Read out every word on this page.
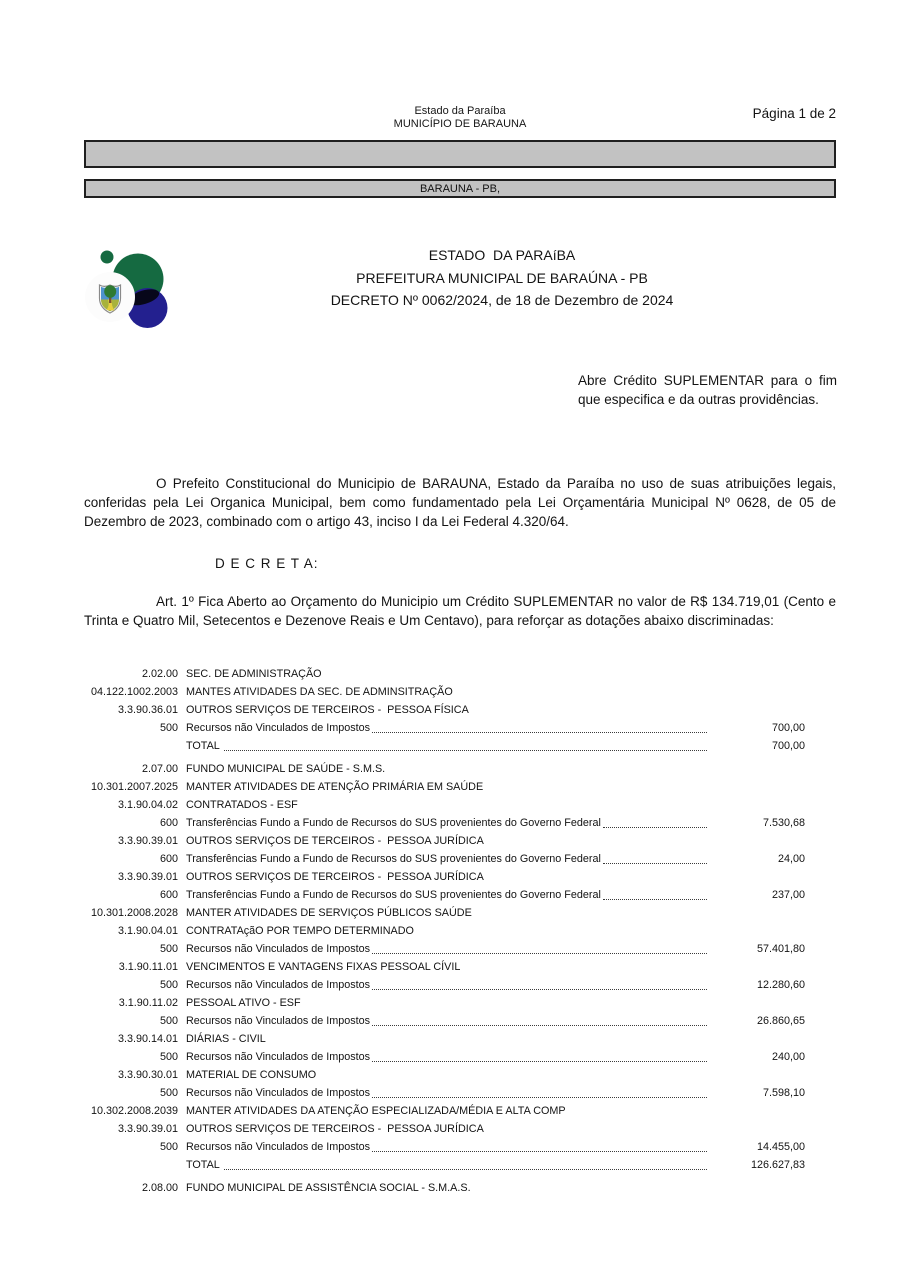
Estado da Paraíba
MUNICÍPIO DE BARAUNA
Página 1 de 2
BARAUNA - PB,
ESTADO  DA PARAíBA
PREFEITURA MUNICIPAL DE BARAÚNA - PB
DECRETO Nº 0062/2024, de 18 de Dezembro de 2024
Abre Crédito SUPLEMENTAR para o fim que especifica e da outras providências.

O Prefeito Constitucional do Municipio de BARAUNA, Estado da Paraíba no uso de suas atribuições legais, conferidas pela Lei Organica Municipal, bem como fundamentado pela Lei Orçamentária Municipal Nº 0628, de 05 de Dezembro de 2023, combinado com o artigo 43, inciso I da Lei Federal 4.320/64.

D E C R E T A:

Art. 1º Fica Aberto ao Orçamento do Municipio um Crédito SUPLEMENTAR no valor de R$ 134.719,01 (Cento e Trinta e Quatro Mil, Setecentos e Dezenove Reais e Um Centavo), para reforçar as dotações abaixo discriminadas:

2.02.00 SEC. DE ADMINISTRAÇÃO
04.122.1002.2003 MANTES ATIVIDADES DA SEC. DE ADMINSITRAÇÃO
3.3.90.36.01 OUTROS SERVIÇOS DE TERCEIROS -  PESSOA FÍSICA
500 Recursos não Vinculados de Impostos	700,00
TOTAL	700,00
2.07.00 FUNDO MUNICIPAL DE SAÚDE - S.M.S.
10.301.2007.2025 MANTER ATIVIDADES DE ATENÇÃO PRIMÁRIA EM SAÚDE
3.1.90.04.02 CONTRATADOS - ESF
600 Transferências Fundo a Fundo de Recursos do SUS provenientes do Governo Federal	7.530,68
3.3.90.39.01 OUTROS SERVIÇOS DE TERCEIROS -  PESSOA JURÍDICA
600 Transferências Fundo a Fundo de Recursos do SUS provenientes do Governo Federal	24,00
3.3.90.39.01 OUTROS SERVIÇOS DE TERCEIROS -  PESSOA JURÍDICA
600 Transferências Fundo a Fundo de Recursos do SUS provenientes do Governo Federal	237,00
10.301.2008.2028 MANTER ATIVIDADES DE SERVIÇOS PÚBLICOS SAÚDE
3.1.90.04.01 CONTRATAçãO POR TEMPO DETERMINADO
500 Recursos não Vinculados de Impostos	57.401,80
3.1.90.11.01 VENCIMENTOS E VANTAGENS FIXAS PESSOAL CÍVIL
500 Recursos não Vinculados de Impostos	12.280,60
3.1.90.11.02 PESSOAL ATIVO - ESF
500 Recursos não Vinculados de Impostos	26.860,65
3.3.90.14.01 DIÁRIAS - CIVIL
500 Recursos não Vinculados de Impostos	240,00
3.3.90.30.01 MATERIAL DE CONSUMO
500 Recursos não Vinculados de Impostos	7.598,10
10.302.2008.2039 MANTER ATIVIDADES DA ATENÇÃO ESPECIALIZADA/MÉDIA E ALTA COMP
3.3.90.39.01 OUTROS SERVIÇOS DE TERCEIROS -  PESSOA JURÍDICA
500 Recursos não Vinculados de Impostos	14.455,00
TOTAL	126.627,83
2.08.00 FUNDO MUNICIPAL DE ASSISTÊNCIA SOCIAL - S.M.A.S.
